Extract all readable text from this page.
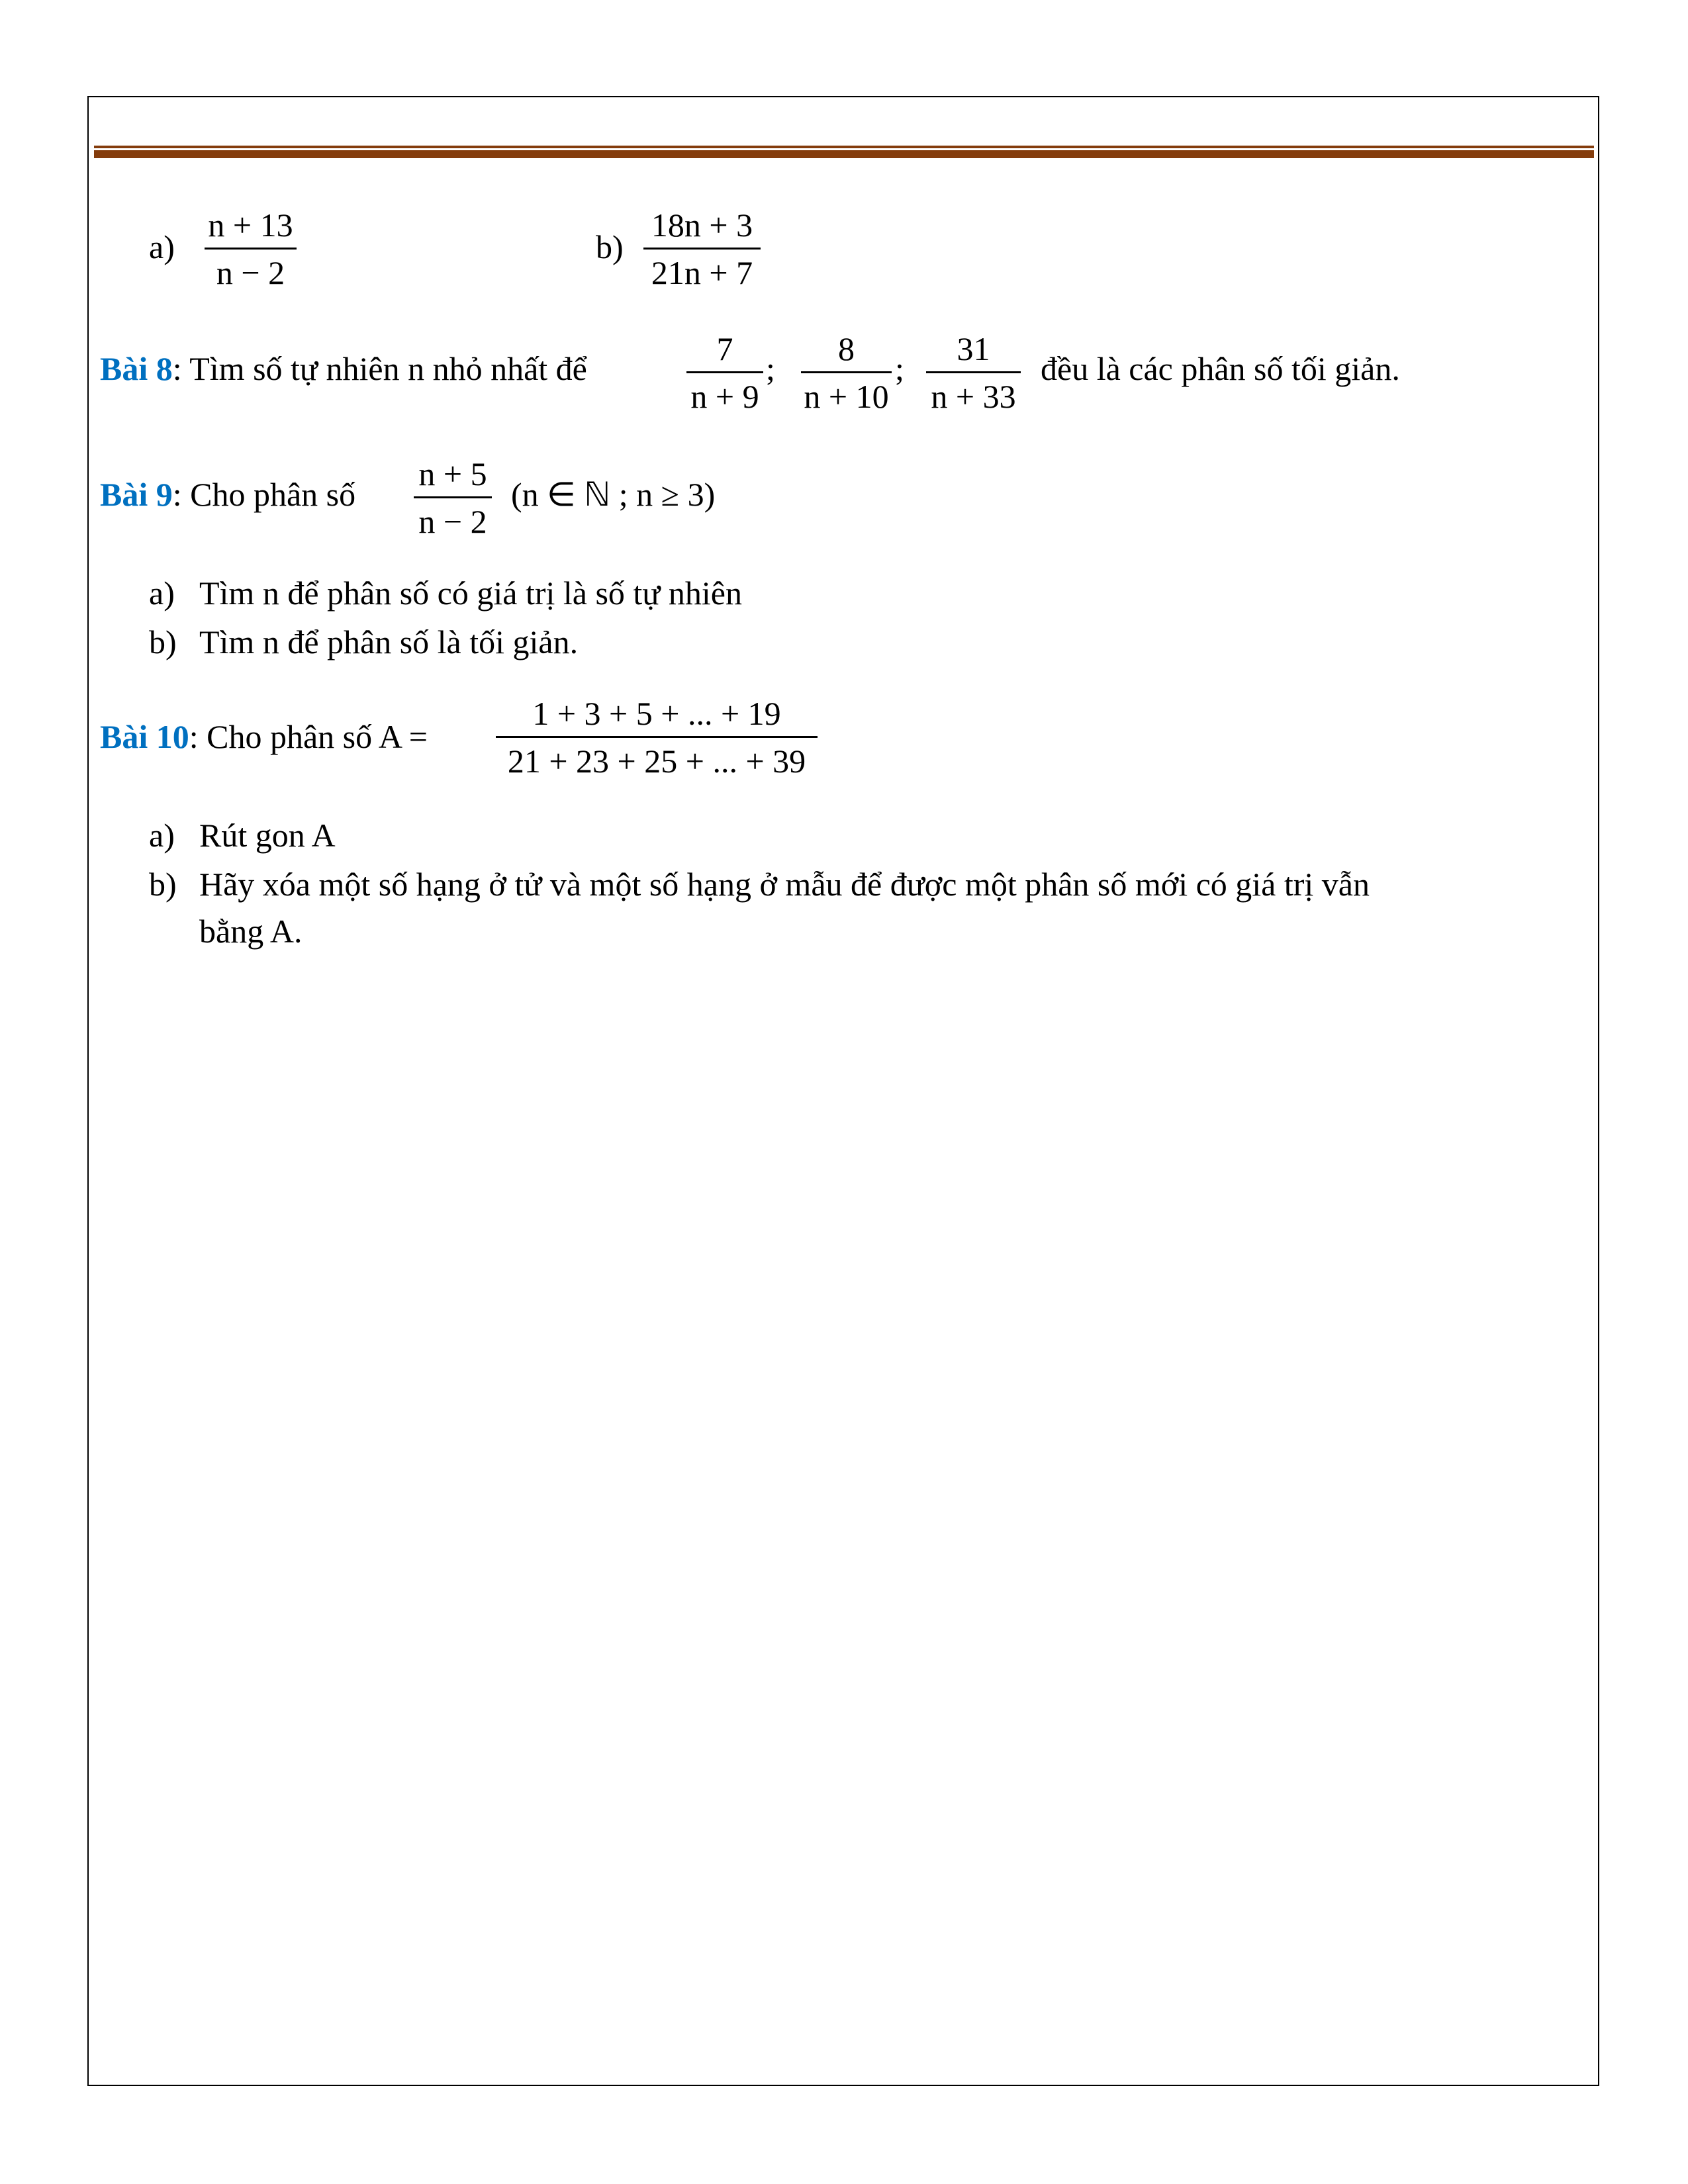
a)
n + 13
n − 2
b)
18n + 3
21n + 7
Bài 8: Tìm số tự nhiên n nhỏ nhất để
7
n + 9
;
8
n + 10
;
31
n + 33
đều là các phân số tối giản.
Bài 9: Cho phân số
n + 5
n − 2
(n ∈ ℕ ; n ≥ 3)
a) Tìm n để phân số có giá trị là số tự nhiên
b) Tìm n để phân số là tối giản.
Bài 10: Cho phân số A =
1 + 3 + 5 + ... + 19
21 + 23 + 25 + ... + 39
a) Rút gon A
b) Hãy xóa một số hạng ở tử và một số hạng ở mẫu để được một phân số mới có giá trị vẫn
bằng A.
